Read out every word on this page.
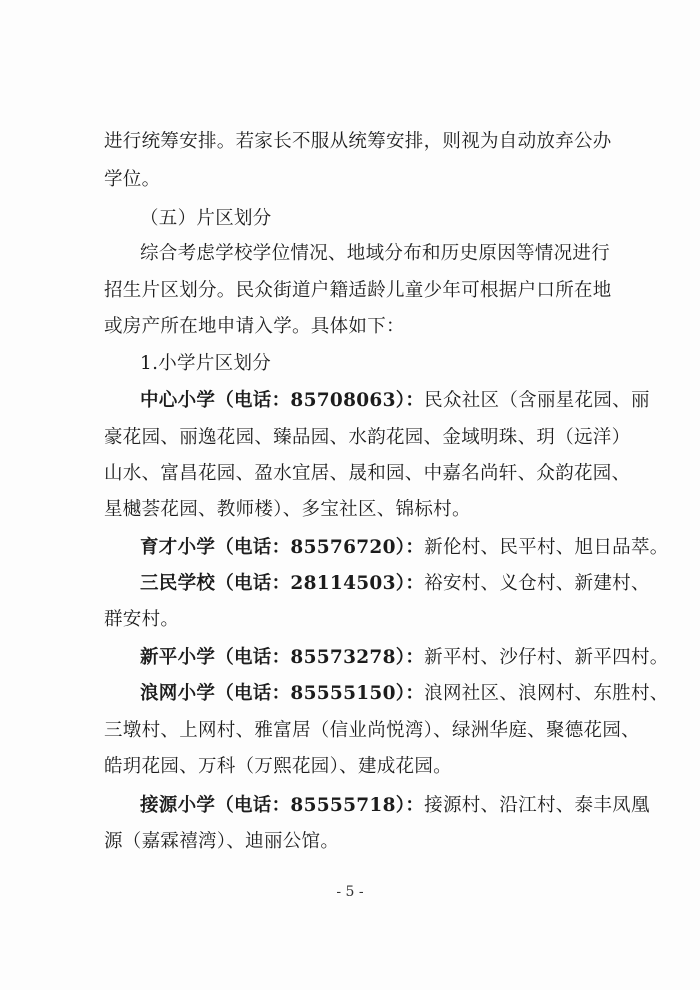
进行统筹安排。若家长不服从统筹安排，则视为自动放弃公办
学位。
（五）片区划分
综合考虑学校学位情况、地域分布和历史原因等情况进行
招生片区划分。民众街道户籍适龄儿童少年可根据户口所在地
或房产所在地申请入学。具体如下：
1.小学片区划分
中心小学（电话：85708063）：民众社区（含丽星花园、丽
豪花园、丽逸花园、臻品园、水韵花园、金域明珠、玥（远洋）
山水、富昌花园、盈水宜居、晟和园、中嘉名尚轩、众韵花园、
星樾荟花园、教师楼）、多宝社区、锦标村。
育才小学（电话：85576720）：新伦村、民平村、旭日品萃。
三民学校（电话：28114503）：裕安村、义仓村、新建村、
群安村。
新平小学（电话：85573278）：新平村、沙仔村、新平四村。
浪网小学（电话：85555150）：浪网社区、浪网村、东胜村、
三墩村、上网村、雅富居（信业尚悦湾）、绿洲华庭、聚德花园、
皓玥花园、万科（万熙花园）、建成花园。
接源小学（电话：85555718）：接源村、沿江村、泰丰凤凰
源（嘉霖禧湾）、迪丽公馆。
- 5 -
